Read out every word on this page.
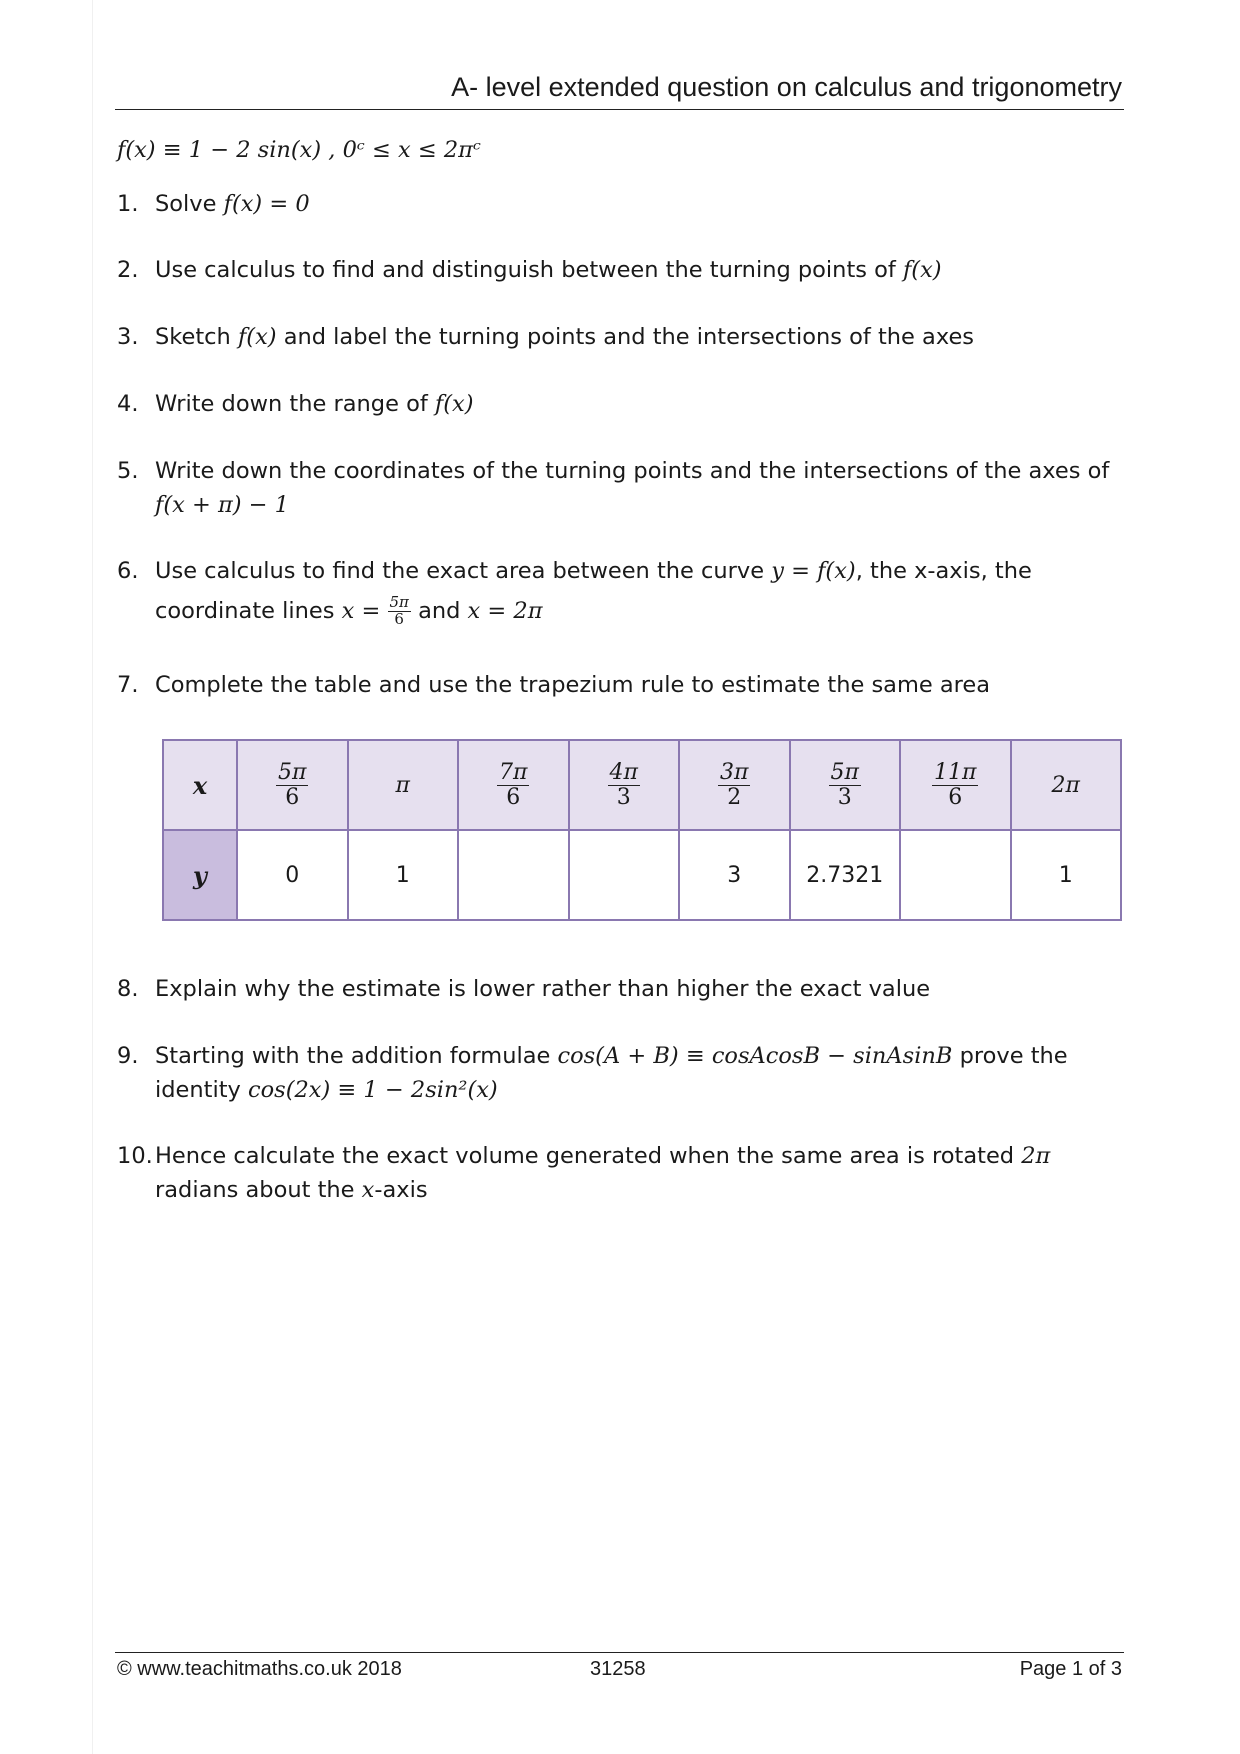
A- level extended question on calculus and trigonometry
f(x) ≡ 1 − 2 sin(x) , 0ᶜ ≤ x ≤ 2πᶜ
1. Solve f(x) = 0
2. Use calculus to find and distinguish between the turning points of f(x)
3. Sketch f(x) and label the turning points and the intersections of the axes
4. Write down the range of f(x)
5. Write down the coordinates of the turning points and the intersections of the axes of
f(x + π) − 1
6. Use calculus to find the exact area between the curve y = f(x), the x-axis, the
coordinate lines $x = \frac{5\pi}{6}$ and x = 2π
7. Complete the table and use the trapezium rule to estimate the same area
x	$\frac{5\pi}{6}$	π	$\frac{7\pi}{6}$	$\frac{4\pi}{3}$	$\frac{3\pi}{2}$	$\frac{5\pi}{3}$	$\frac{11\pi}{6}$	2π
y	0	1			3	2.7321		1
8. Explain why the estimate is lower rather than higher the exact value
9. Starting with the addition formulae cos(A + B) ≡ cosAcosB − sinAsinB prove the
identity cos(2x) ≡ 1 − 2sin²(x)
10. Hence calculate the exact volume generated when the same area is rotated 2π
radians about the x-axis
© www.teachitmaths.co.uk 2018	31258	Page 1 of 3
